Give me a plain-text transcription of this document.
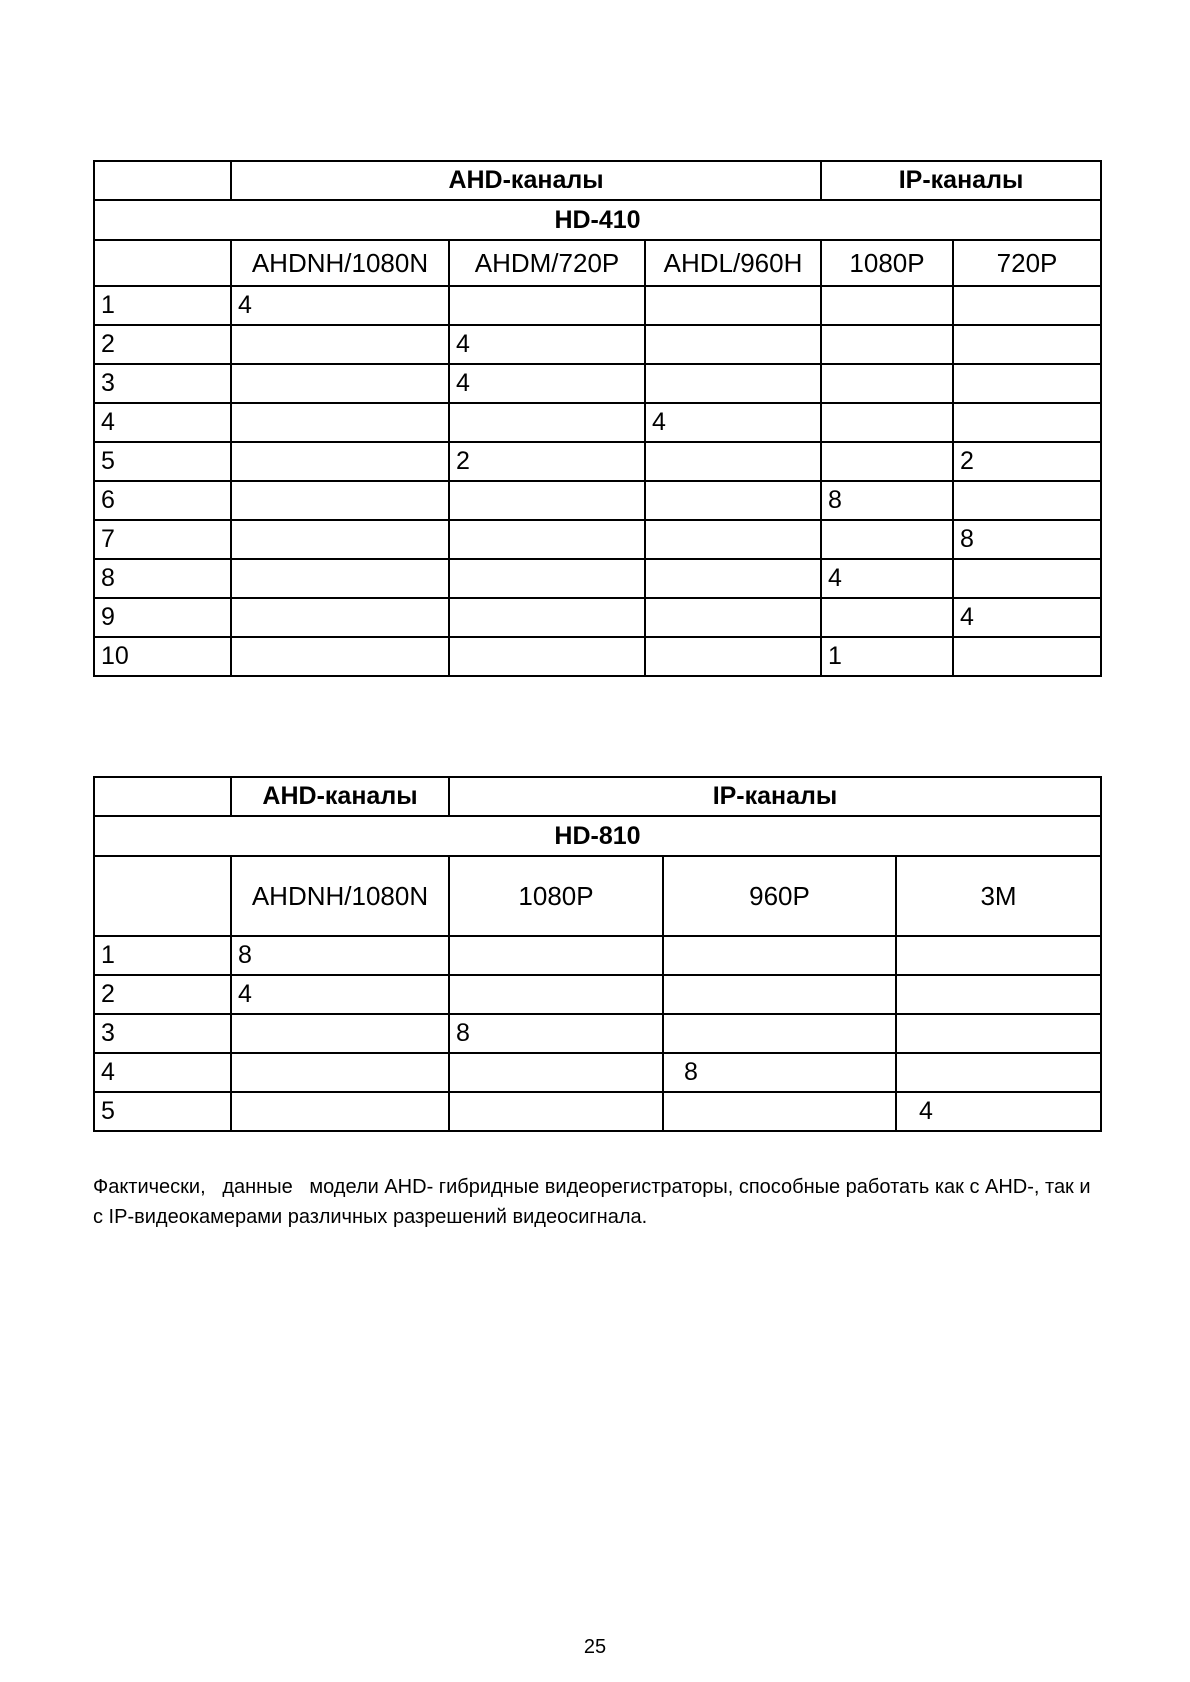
	AHD-каналы			IP-каналы	
HD-410					
	AHDNH/1080N	AHDM/720P	AHDL/960H	1080P	720P
1	4				
2		4			
3		4			
4			4		
5		2			2
6				8	
7					8
8				4	
9					4
10				1	
	AHD-каналы	IP-каналы		
HD-810				
	AHDNH/1080N	1080P	960P	3M
1	8			
2	4			
3		8		
4			8	
5				4

Фактически,   данные   модели AHD- гибридные видеорегистраторы, способные работать как с AHD-, так и с IP-видеокамерами различных разрешений видеосигнала.

25
